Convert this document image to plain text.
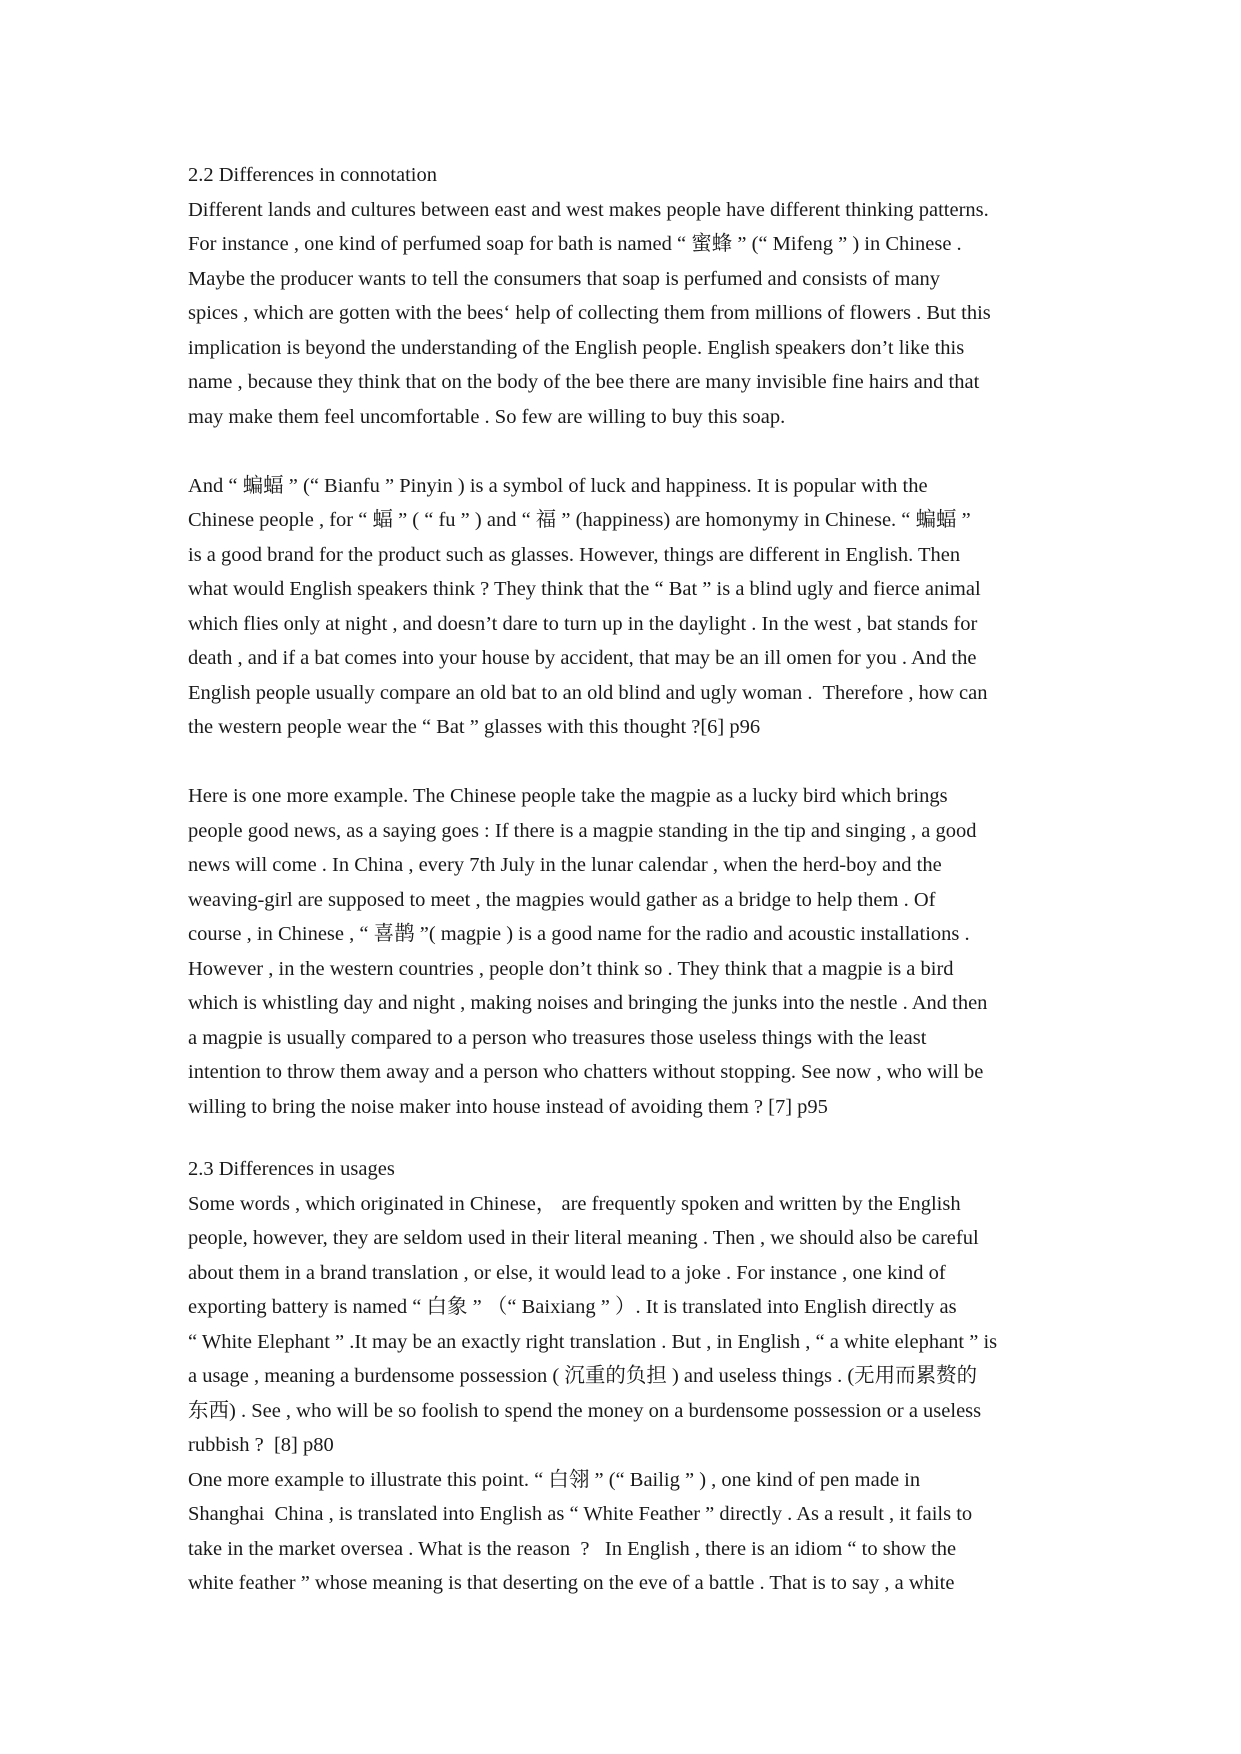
2.2 Differences in connotation
Different lands and cultures between east and west makes people have different thinking patterns.
For instance , one kind of perfumed soap for bath is named “ 蜜蜂 ” (“ Mifeng ” ) in Chinese .
Maybe the producer wants to tell the consumers that soap is perfumed and consists of many
spices , which are gotten with the bees‘ help of collecting them from millions of flowers . But this
implication is beyond the understanding of the English people. English speakers don’t like this
name , because they think that on the body of the bee there are many invisible fine hairs and that
may make them feel uncomfortable . So few are willing to buy this soap.
And “ 蝙蝠 ” (“ Bianfu ” Pinyin ) is a symbol of luck and happiness. It is popular with the
Chinese people , for “ 蝠 ” ( “ fu ” ) and “ 福 ” (happiness) are homonymy in Chinese. “ 蝙蝠 ”
is a good brand for the product such as glasses. However, things are different in English. Then
what would English speakers think ? They think that the “ Bat ” is a blind ugly and fierce animal
which flies only at night , and doesn’t dare to turn up in the daylight . In the west , bat stands for
death , and if a bat comes into your house by accident, that may be an ill omen for you . And the
English people usually compare an old bat to an old blind and ugly woman .  Therefore , how can
the western people wear the “ Bat ” glasses with this thought ?[6] p96
Here is one more example. The Chinese people take the magpie as a lucky bird which brings
people good news, as a saying goes : If there is a magpie standing in the tip and singing , a good
news will come . In China , every 7th July in the lunar calendar , when the herd-boy and the
weaving-girl are supposed to meet , the magpies would gather as a bridge to help them . Of
course , in Chinese , “ 喜鹊 ”( magpie ) is a good name for the radio and acoustic installations .
However , in the western countries , people don’t think so . They think that a magpie is a bird
which is whistling day and night , making noises and bringing the junks into the nestle . And then
a magpie is usually compared to a person who treasures those useless things with the least
intention to throw them away and a person who chatters without stopping. See now , who will be
willing to bring the noise maker into house instead of avoiding them ? [7] p95
2.3 Differences in usages
Some words , which originated in Chinese， are frequently spoken and written by the English
people, however, they are seldom used in their literal meaning . Then , we should also be careful
about them in a brand translation , or else, it would lead to a joke . For instance , one kind of
exporting battery is named “ 白象 ” （“ Baixiang ” ）. It is translated into English directly as
“ White Elephant ” .It may be an exactly right translation . But , in English , “ a white elephant ” is
a usage , meaning a burdensome possession ( 沉重的负担 ) and useless things . (无用而累赘的
东西) . See , who will be so foolish to spend the money on a burdensome possession or a useless
rubbish ?  [8] p80
One more example to illustrate this point. “ 白翎 ” (“ Bailig ” ) , one kind of pen made in
Shanghai  China , is translated into English as “ White Feather ” directly . As a result , it fails to
take in the market oversea . What is the reason  ?   In English , there is an idiom “ to show the
white feather ” whose meaning is that deserting on the eve of a battle . That is to say , a white
